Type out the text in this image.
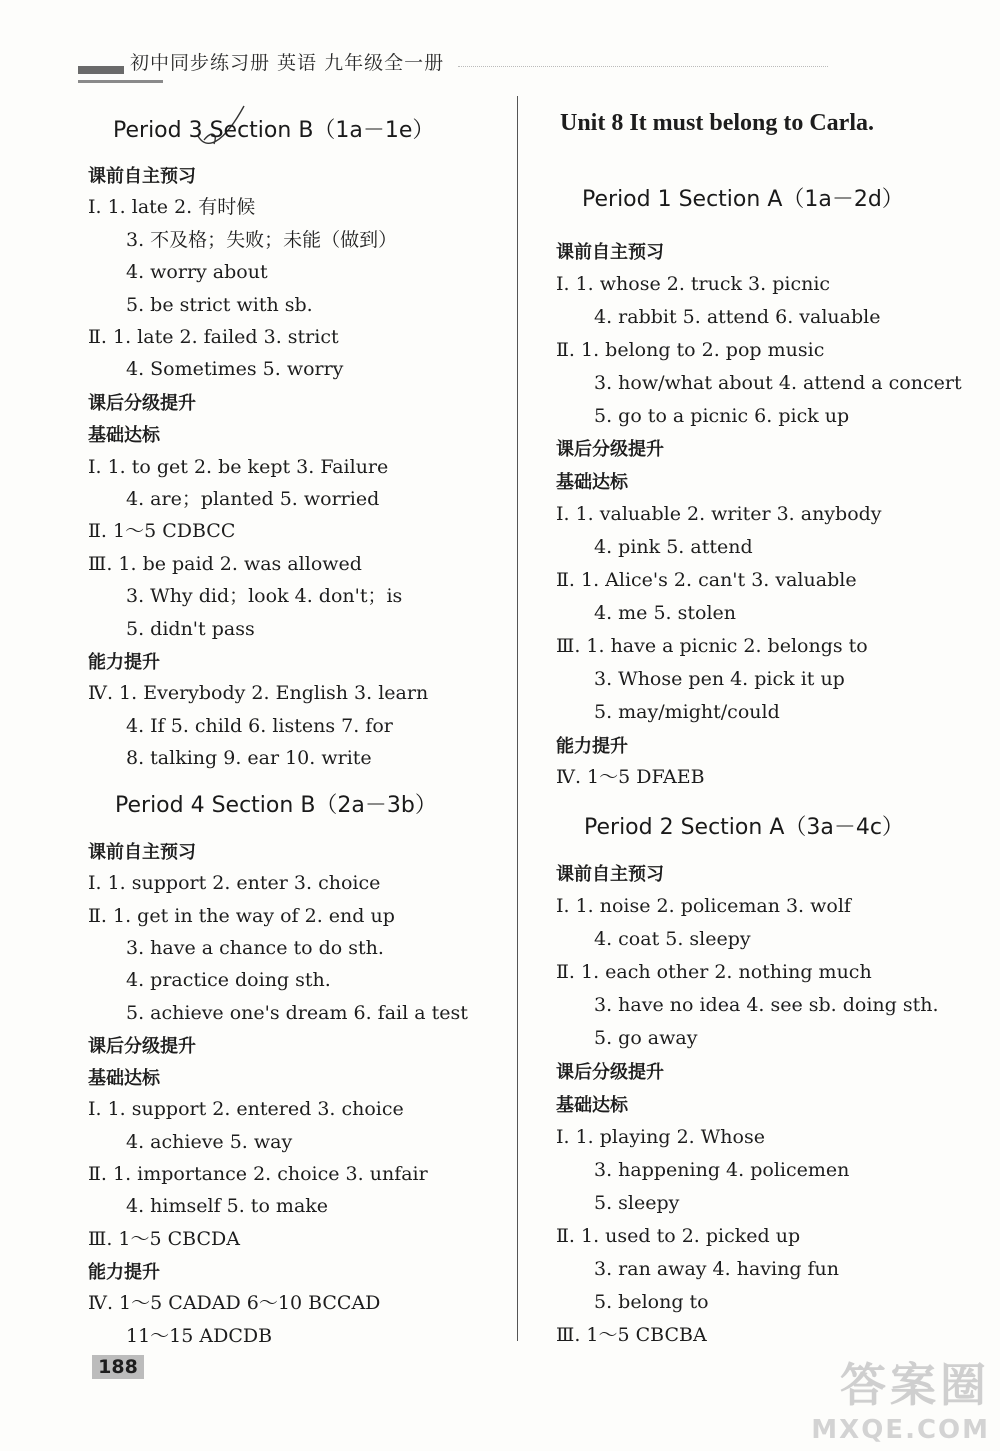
初中同步练习册 英语 九年级全一册
Period 3 Section B（1a－1e）
课前自主预习
Ⅰ. 1. late 2. 有时候
3. 不及格；失败；未能（做到）
4. worry about
5. be strict with sb.
Ⅱ. 1. late 2. failed 3. strict
4. Sometimes 5. worry
课后分级提升
基础达标
Ⅰ. 1. to get 2. be kept 3. Failure
4. are；planted 5. worried
Ⅱ. 1～5 CDBCC
Ⅲ. 1. be paid 2. was allowed
3. Why did；look 4. don't；is
5. didn't pass
能力提升
Ⅳ. 1. Everybody 2. English 3. learn
4. If 5. child 6. listens 7. for
8. talking 9. ear 10. write
Period 4 Section B（2a－3b）
课前自主预习
Ⅰ. 1. support 2. enter 3. choice
Ⅱ. 1. get in the way of 2. end up
3. have a chance to do sth.
4. practice doing sth.
5. achieve one's dream 6. fail a test
课后分级提升
基础达标
Ⅰ. 1. support 2. entered 3. choice
4. achieve 5. way
Ⅱ. 1. importance 2. choice 3. unfair
4. himself 5. to make
Ⅲ. 1～5 CBCDA
能力提升
Ⅳ. 1～5 CADAD 6～10 BCCAD
11～15 ADCDB
Unit 8 It must belong to Carla.
Period 1 Section A（1a－2d）
课前自主预习
Ⅰ. 1. whose 2. truck 3. picnic
4. rabbit 5. attend 6. valuable
Ⅱ. 1. belong to 2. pop music
3. how/what about 4. attend a concert
5. go to a picnic 6. pick up
课后分级提升
基础达标
Ⅰ. 1. valuable 2. writer 3. anybody
4. pink 5. attend
Ⅱ. 1. Alice's 2. can't 3. valuable
4. me 5. stolen
Ⅲ. 1. have a picnic 2. belongs to
3. Whose pen 4. pick it up
5. may/might/could
能力提升
Ⅳ. 1～5 DFAEB
Period 2 Section A（3a－4c）
课前自主预习
Ⅰ. 1. noise 2. policeman 3. wolf
4. coat 5. sleepy
Ⅱ. 1. each other 2. nothing much
3. have no idea 4. see sb. doing sth.
5. go away
课后分级提升
基础达标
Ⅰ. 1. playing 2. Whose
3. happening 4. policemen
5. sleepy
Ⅱ. 1. used to 2. picked up
3. ran away 4. having fun
5. belong to
Ⅲ. 1～5 CBCBA
188	答案圈
MXQE.COM
